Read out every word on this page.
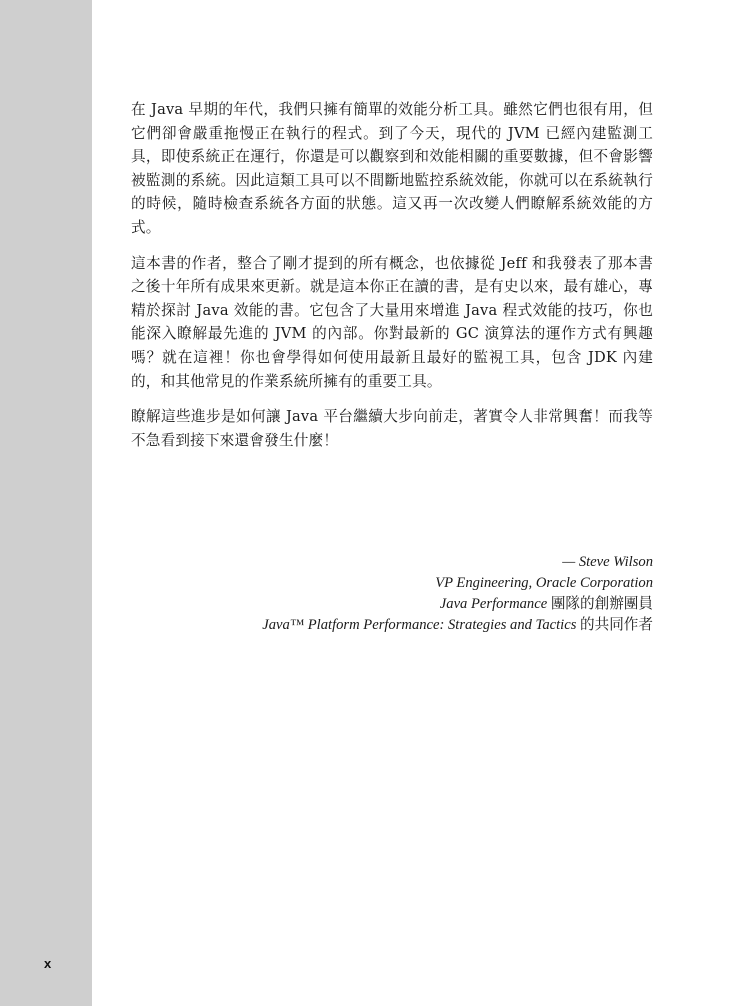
x

在 Java 早期的年代，我們只擁有簡單的效能分析工具。雖然它們也很有用，但它們卻會嚴重拖慢正在執行的程式。到了今天，現代的 JVM 已經內建監測工具，即使系統正在運行，你還是可以觀察到和效能相關的重要數據，但不會影響被監測的系統。因此這類工具可以不間斷地監控系統效能，你就可以在系統執行的時候，隨時檢查系統各方面的狀態。這又再一次改變人們瞭解系統效能的方式。

這本書的作者，整合了剛才提到的所有概念，也依據從 Jeff 和我發表了那本書之後十年所有成果來更新。就是這本你正在讀的書，是有史以來，最有雄心，專精於探討 Java 效能的書。它包含了大量用來增進 Java 程式效能的技巧，你也能深入瞭解最先進的 JVM 的內部。你對最新的 GC 演算法的運作方式有興趣嗎？就在這裡！你也會學得如何使用最新且最好的監視工具，包含 JDK 內建的，和其他常見的作業系統所擁有的重要工具。

瞭解這些進步是如何讓 Java 平台繼續大步向前走，著實令人非常興奮！而我等不急看到接下來還會發生什麼！

— Steve Wilson
VP Engineering, Oracle Corporation
Java Performance 團隊的創辦團員
Java™ Platform Performance: Strategies and Tactics 的共同作者
